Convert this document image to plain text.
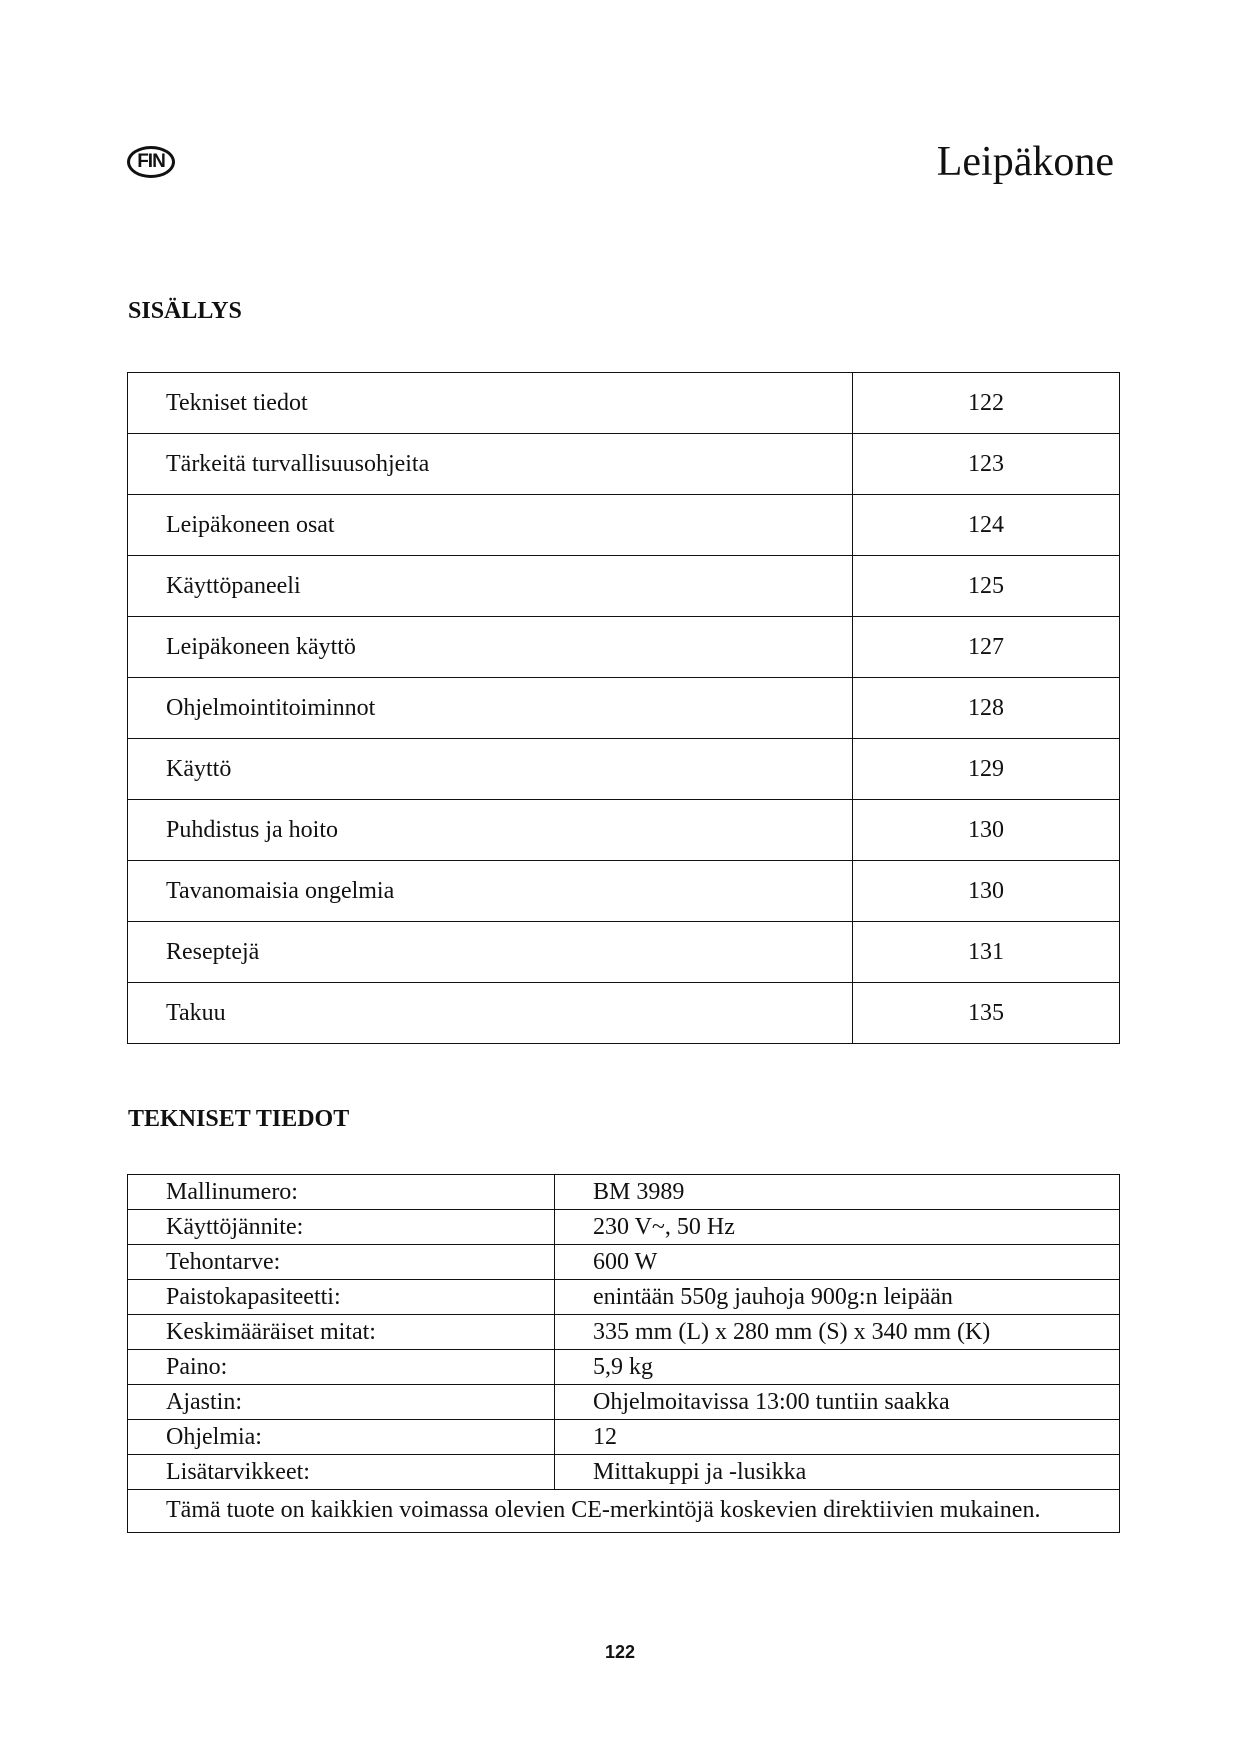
FIN	Leipäkone
SISÄLLYS
Tekniset tiedot	122
Tärkeitä turvallisuusohjeita	123
Leipäkoneen osat	124
Käyttöpaneeli	125
Leipäkoneen käyttö	127
Ohjelmointitoiminnot	128
Käyttö	129
Puhdistus ja hoito	130
Tavanomaisia ongelmia	130
Reseptejä	131
Takuu	135
TEKNISET TIEDOT
Mallinumero:	BM 3989
Käyttöjännite:	230 V~, 50 Hz
Tehontarve:	600 W
Paistokapasiteetti:	enintään 550g jauhoja 900g:n leipään
Keskimääräiset mitat:	335 mm (L) x 280 mm (S) x 340 mm (K)
Paino:	5,9 kg
Ajastin:	Ohjelmoitavissa 13:00 tuntiin saakka
Ohjelmia:	12
Lisätarvikkeet:	Mittakuppi ja -lusikka
Tämä tuote on kaikkien voimassa olevien CE-merkintöjä koskevien direktiivien mukainen.	
122
